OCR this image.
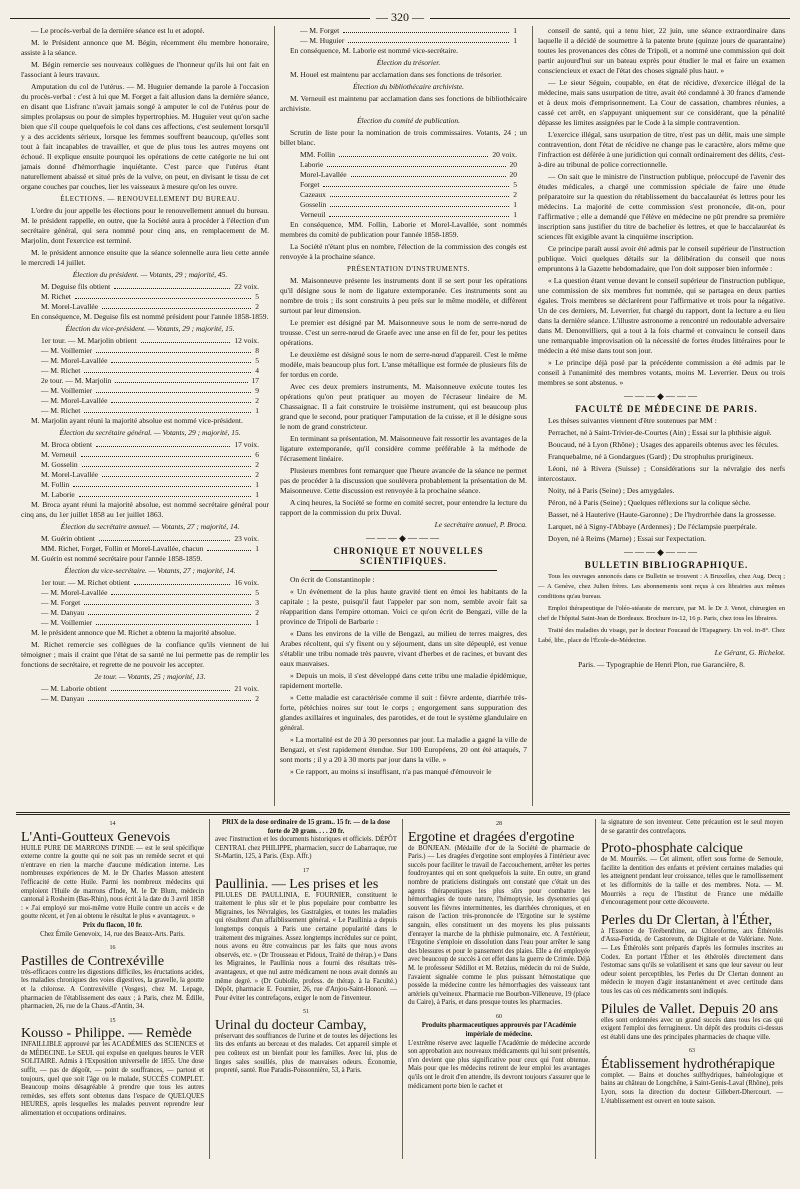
— 320 —

— Le procès-verbal de la dernière séance est lu et adopté.

M. le Président annonce que M. Bégin, récemment élu membre honoraire, assiste à la séance.

M. Bégin remercie ses nouveaux collègues de l'honneur qu'ils lui ont fait en l'associant à leurs travaux.

Amputation du col de l'utérus. — M. Huguier demande la parole à l'occasion du procès-verbal : c'est à lui que M. Forget a fait allusion dans la dernière séance, en disant que Lisfranc n'avait jamais songé à amputer le col de l'utérus pour de simples prolapsus ou pour de simples hypertrophies. M. Huguier veut qu'on sache bien que s'il coupe quelquefois le col dans ces affections, c'est seulement lorsqu'il y a des accidents sérieux, lorsque les femmes souffrent beaucoup, qu'elles sont tout à fait incapables de travailler, et que de plus tous les autres moyens ont échoué. Il explique ensuite pourquoi les opérations de cette catégorie ne lui ont jamais donné d'hémorrhagie inquiétante. C'est parce que l'utérus étant naturellement abaissé et situé près de la vulve, on peut, en divisant le tissu de cet organe couches par couches, lier les vaisseaux à mesure qu'on les ouvre.

ÉLECTIONS. — RENOUVELLEMENT DU BUREAU.

L'ordre du jour appelle les élections pour le renouvellement annuel du bureau. M. le président rappelle, en outre, que la Société aura à procéder à l'élection d'un secrétaire général, qui sera nommé pour cinq ans, en remplacement de M. Marjolin, dont l'exercice est terminé.

M. le président annonce ensuite que la séance solennelle aura lieu cette année le mercredi 14 juillet.

Élection du président. — Votants, 29 ; majorité, 45.

M. Deguise fils obtient	22 voix.
M. Richet	5
M. Morel-Lavallée	2

En conséquence, M. Deguise fils est nommé président pour l'année 1858-1859.

Élection du vice-président. — Votants, 29 ; majorité, 15.

1er tour. — M. Marjolin obtient	12 voix.
— M. Voillemier	8
— M. Morel-Lavallée	5
— M. Richet	4
2e tour. — M. Marjolin	17
— M. Voillemier	9
— M. Morel-Lavallée	2
— M. Richet	1

M. Marjolin ayant réuni la majorité absolue est nommé vice-président.

Élection du secrétaire général. — Votants, 29 ; majorité, 15.

M. Broca obtient	17 voix.
M. Verneuil	6
M. Gosselin	2
M. Morel-Lavallée	2
M. Follin	1
M. Laborie	1

M. Broca ayant réuni la majorité absolue, est nommé secrétaire général pour cinq ans, du 1er juillet 1858 au 1er juillet 1863.

Élection du secrétaire annuel. — Votants, 27 ; majorité, 14.

M. Guérin obtient	23 voix.
MM. Richet, Forget, Follin et Morel-Lavallée, chacun	1

M. Guérin est nommé secrétaire pour l'année 1858-1859.

Élection du vice-secrétaire. — Votants, 27 ; majorité, 14.

1er tour. — M. Richet obtient	16 voix.
— M. Morel-Lavallée	5
— M. Forget	3
— M. Danyau	2
— M. Voillemier	1

M. le président annonce que M. Richet a obtenu la majorité absolue.

M. Richet remercie ses collègues de la confiance qu'ils viennent de lui témoigner ; mais il craint que l'état de sa santé ne lui permette pas de remplir les fonctions de secrétaire, et regrette de ne pouvoir les accepter.

2e tour. — Votants, 25 ; majorité, 13.

— M. Laborie obtient	21 voix.
— M. Danyau	2
— M. Forget	1
— M. Huguier	1

En conséquence, M. Laborie est nommé vice-secrétaire.

Élection du trésorier.

M. Houel est maintenu par acclamation dans ses fonctions de trésorier.

Élection du bibliothécaire archiviste.

M. Verneuil est maintenu par acclamation dans ses fonctions de bibliothécaire archiviste.

Élection du comité de publication.

Scrutin de liste pour la nomination de trois commissaires. Votants, 24 ; un billet blanc.

MM. Follin	20 voix.
Laborie	20
Morel-Lavallée	20
Forget	5
Cazeaux	2
Gosselin	1
Verneuil	1

En conséquence, MM. Follin, Laborie et Morel-Lavallée, sont nommés membres du comité de publication pour l'année 1858-1859.

La Société n'étant plus en nombre, l'élection de la commission des congés est renvoyée à la prochaine séance.

PRÉSENTATION D'INSTRUMENTS.

M. Maisonneuve présente les instruments dont il se sert pour les opérations qu'il désigne sous le nom de ligature extemporanée. Ces instruments sont au nombre de trois ; ils sont construits à peu près sur le même modèle, et diffèrent surtout par leur dimension.

Le premier est désigné par M. Maisonneuve sous le nom de serre-nœud de trousse. C'est un serre-nœud de Graefe avec une anse en fil de fer, pour les petites opérations.

Le deuxième est désigné sous le nom de serre-nœud d'appareil. C'est le même modèle, mais beaucoup plus fort. L'anse métallique est formée de plusieurs fils de fer tordus en corde.

Avec ces deux premiers instruments, M. Maisonneuve exécute toutes les opérations qu'on peut pratiquer au moyen de l'écraseur linéaire de M. Chassaignac. Il a fait construire le troisième instrument, qui est beaucoup plus grand que le second, pour pratiquer l'amputation de la cuisse, et il le désigne sous le nom de grand constricteur.

En terminant sa présentation, M. Maisonneuve fait ressortir les avantages de la ligature extemporanée, qu'il considère comme préférable à la méthode de l'écrasement linéaire.

Plusieurs membres font remarquer que l'heure avancée de la séance ne permet pas de procéder à la discussion que soulèvera probablement la présentation de M. Maisonneuve. Cette discussion est renvoyée à la prochaine séance.

A cinq heures, la Société se forme en comité secret, pour entendre la lecture du rapport de la commission du prix Duval.

Le secrétaire annuel, P. Broca.

———◆———

CHRONIQUE ET NOUVELLES SCIENTIFIQUES.

On écrit de Constantinople :

« Un événement de la plus haute gravité tient en émoi les habitants de la capitale ; la peste, puisqu'il faut l'appeler par son nom, semble avoir fait sa réapparition dans l'empire ottoman. Voici ce qu'on écrit de Bengazi, ville de la province de Tripoli de Barbarie :

« Dans les environs de la ville de Bengazi, au milieu de terres maigres, des Arabes récoltent, qui s'y fixent ou y séjournent, dans un site dépeuplé, est venue s'établir une tribu nomade très pauvre, vivant d'herbes et de racines, et buvant des eaux mauvaises.

» Depuis un mois, il s'est développé dans cette tribu une maladie épidémique, rapidement mortelle.

» Cette maladie est caractérisée comme il suit : fièvre ardente, diarrhée très-forte, pétéchies noires sur tout le corps ; engorgement sans suppuration des glandes axillaires et inguinales, des parotides, et de tout le système glandulaire en général.

» La mortalité est de 20 à 30 personnes par jour. La maladie a gagné la ville de Bengazi, et s'est rapidement étendue. Sur 100 Européens, 20 ont été attaqués, 7 sont morts ; il y a 20 à 30 morts par jour dans la ville. »

» Ce rapport, au moins si insuffisant, n'a pas manqué d'émouvoir le

conseil de santé, qui a tenu hier, 22 juin, une séance extraordinaire dans laquelle il a décidé de soumettre à la patente brute (quinze jours de quarantaine) toutes les provenances des côtes de Tripoli, et a nommé une commission qui doit partir aujourd'hui sur un bateau exprès pour étudier le mal et faire un examen consciencieux et exact de l'état des choses signalé plus haut. »

— Le sieur Séguin, coupable, en état de récidive, d'exercice illégal de la médecine, mais sans usurpation de titre, avait été condamné à 30 francs d'amende et à deux mois d'emprisonnement. La Cour de cassation, chambres réunies, a cassé cet arrêt, en s'appuyant uniquement sur ce considérant, que la pénalité dépasse les limites assignées par le Code à la simple contravention.

L'exercice illégal, sans usurpation de titre, n'est pas un délit, mais une simple contravention, dont l'état de récidive ne change pas le caractère, alors même que l'infraction est déférée à une juridiction qui connaît ordinairement des délits, c'est-à-dire au tribunal de police correctionnelle.

— On sait que le ministre de l'instruction publique, préoccupé de l'avenir des études médicales, a chargé une commission spéciale de faire une étude préparatoire sur la question du rétablissement du baccalauréat ès lettres pour les médecins. La majorité de cette commission s'est prononcée, dit-on, pour l'affirmative ; elle a demandé que l'élève en médecine ne pût prendre sa première inscription sans justifier du titre de bachelier ès lettres, et que le baccalauréat ès sciences fût exigible avant la cinquième inscription.

Ce principe paraît aussi avoir été admis par le conseil supérieur de l'instruction publique. Voici quelques détails sur la délibération du conseil que nous empruntons à la Gazette hebdomadaire, que l'on doit supposer bien informée :

« La question étant venue devant le conseil supérieur de l'instruction publique, une commission de six membres fut nommée, qui se partagea en deux parties égales. Trois membres se déclarèrent pour l'affirmative et trois pour la négative. Un de ces derniers, M. Leverrier, fut chargé du rapport, dont la lecture a eu lieu dans la dernière séance. L'illustre astronome a rencontré un redoutable adversaire dans M. Denonvilliers, qui a tout à la fois charmé et convaincu le conseil dans une remarquable improvisation où la nécessité de fortes études littéraires pour le médecin a été mise dans tout son jour.

» Le principe déjà posé par la précédente commission a été admis par le conseil à l'unanimité des membres votants, moins M. Leverrier. Deux ou trois membres se sont abstenus. »

———◆———

FACULTÉ DE MÉDECINE DE PARIS.

Les thèses suivantes viennent d'être soutenues par MM :

Perrachet, né à Saint-Trivier-de-Courtes (Ain) ; Essai sur la phthisie aiguë.

Boucaud, né à Lyon (Rhône) ; Usages des appareils obtenus avec les fécules.

Franquebalme, né à Gondargues (Gard) ; Du strophulus prurigineux.

Léoni, né à Rivera (Suisse) ; Considérations sur la névralgie des nerfs intercostaux.

Noity, né à Paris (Seine) ; Des amygdales.

Péron, né à Paris (Seine) ; Quelques réflexions sur la colique sèche.

Basset, né à Hauterive (Haute-Garonne) ; De l'hydrorrhée dans la grossesse.

Larquet, né à Signy-l'Abbaye (Ardennes) ; De l'éclampsie puerpérale.

Doyen, né à Reims (Marne) ; Essai sur l'expectation.

———◆———

BULLETIN BIBLIOGRAPHIQUE.

Tous les ouvrages annoncés dans ce Bulletin se trouvent : A Bruxelles, chez Aug. Decq ; — A Genève, chez Julien frères. Les abonnements sont reçus à ces librairies aux mêmes conditions qu'au bureau.

Emploi thérapeutique de l'oléo-stéarate de mercure, par M. le Dr J. Venot, chirurgien en chef de l'hôpital Saint-Jean de Bordeaux. Brochure in-12, 16 p. Paris, chez tous les libraires.

Traité des maladies du visage, par le docteur Foucaud de l'Espagnery. Un vol. in-8°. Chez Labé, libr., place de l'École-de-Médecine.

Le Gérant, G. Richelot.

Paris. — Typographie de Henri Plon, rue Garancière, 8.

14
L'Anti-Goutteux Genevois
HUILE PURE DE MARRONS D'INDE — est le seul spécifique externe contre la goutte qui ne soit pas un remède secret et qui n'entrave en rien la marche d'aucune médication interne. Les nombreuses expériences de M. le Dr Charles Masson attestent l'efficacité de cette Huile. Parmi les nombreux médecins qui emploient l'Huile de marrons d'Inde, M. le Dr Blum, médecin cantonal à Rosheim (Bas-Rhin), nous écrit à la date du 3 avril 1858 : « J'ai employé sur moi-même votre Huile contre un accès « de goutte récent, et j'en ai obtenu le résultat le plus « avantageux. »
Prix du flacon, 10 fr.
Chez Émile Genevoix, 14, rue des Beaux-Arts. Paris.
16
Pastilles de Contrexéville
très-efficaces contre les digestions difficiles, les éructations acides, les maladies chroniques des voies digestives, la gravelle, la goutte et la chlorose. A Contrexéville (Vosges), chez M. Lepage, pharmacien de l'établissement des eaux ; à Paris, chez M. Ëdille, pharmacien, 26, rue de la Chaus.-d'Antin, 34.
15
Kousso - Philippe. — Remède
INFAILLIBLE approuvé par les ACADÉMIES des SCIENCES et de MÉDECINE. Le SEUL qui expulse en quelques heures le VER SOLITAIRE. Admis à l'Exposition universelle de 1855. Une dose suffit, — pas de dégoût, — point de souffrances, — partout et toujours, quel que soit l'âge ou le malade, SUCCÈS COMPLET. Beaucoup moins désagréable à prendre que tous les autres remèdes, ses effets sont obtenus dans l'espace de QUELQUES HEURES, après lesquelles les malades peuvent reprendre leur alimentation et occupations ordinaires.
PRIX de la dose ordinaire de 15 gram.. 15 fr. — de la dose forte de 20 gram. . . . 20 fr.
avec l'instruction et les documents historiques et officiels. DÉPÔT CENTRAL chez PHILIPPE, pharmacien, succr de Labarraque, rue St-Martin, 125, à Paris. (Exp. Affr.)
17
Paullinia. — Les prises et les
PILULES DE PAULLINIA, E. FOURNIER, constituent le traitement le plus sûr et le plus populaire pour combattre les Migraines, les Névralgies, les Gastralgies, et toutes les maladies qui résultent d'un affaiblissement général. « Le Paullinia a depuis longtemps conquis à Paris une certaine popularité dans le traitement des migraines. Assez longtemps incrédules sur ce point, nous avons eu être convaincus par les faits que nous avons observés, etc. » (Dr Trousseau et Pidoux, Traité de thérap.) « Dans les Migraines, le Paullinia nous a fourni des résultats très-avantageux, et que nul autre médicament ne nous avait donnés au même degré. » (Dr Gubiolle, profess. de thérap. à la Faculté.) Dépôt, pharmacie E. Fournier, 26, rue d'Anjou-Saint-Honoré. — Pour éviter les contrefaçons, exiger le nom de l'inventeur.
51
Urinal du docteur Cambay,
préservant des souffrances de l'urine et de toutes les déjections les lits des enfants au berceau et des malades. Cet appareil simple et peu coûteux est un bienfait pour les familles. Avec lui, plus de linges sales souillés, plus de mauvaises odeurs. Économie, propreté, santé. Rue Paradis-Poissonnière, 53, à Paris.
28
Ergotine et dragées d'ergotine
de BONJEAN. (Médaille d'or de la Société de pharmacie de Paris.) — Les dragées d'ergotine sont employées à l'intérieur avec succès pour faciliter le travail de l'accouchement, arrêter les pertes foudroyantes qui en sont quelquefois la suite. En outre, un grand nombre de praticiens distingués ont constaté que c'était un des agents thérapeutiques les plus sûrs pour combattre les hémorrhagies de toute nature, l'hémoptysie, les dysenteries qui souvent les fièvres intermittentes, les diarrhées chroniques, et en raison de l'action très-prononcée de l'Ergotine sur le système sanguin, elles constituent un des moyens les plus puissants d'enrayer la marche de la phthisie pulmonaire, etc. A l'extérieur, l'Ergotine s'emploie en dissolution dans l'eau pour arrêter le sang des blessures et pour le pansement des plaies. Elle a été employée avec beaucoup de succès à cet effet dans la guerre de Crimée. Déjà M. le professeur Sédillot et M. Retzius, médecin du roi de Suède, l'avaient signalée comme le plus puissant hémostatique que possède la médecine contre les hémorrhagies des vaisseaux tant artériels qu'veineux. Pharmacie rue Bourbon-Villeneuve, 19 (place du Caire), à Paris, et dans presque toutes les pharmacies.
60
Produits pharmaceutiques approuvés par l'Académie impériale de médecine.
L'extrême réserve avec laquelle l'Académie de médecine accorde son approbation aux nouveaux médicaments qui lui sont présentés, n'en devient que plus significative pour ceux qui l'ont obtenue. Mais pour que les médecins retirent de leur emploi les avantages qu'ils ont le droit d'en attendre, ils devront toujours s'assurer que le médicament porte bien le cachet et
la signature de son inventeur. Cette précaution est le seul moyen de se garantir des contrefaçons.
Proto-phosphate calcique
de M. Mourriès. — Cet aliment, offert sous forme de Semoule, facilite la dentition des enfants et prévient certaines maladies qui les atteignent pendant leur croissance, telles que le ramollissement et les difformités de la taille et des membres. Nota. — M. Mourriès a reçu de l'Institut de France une médaille d'encouragement pour cette découverte.
Perles du Dr Clertan, à l'Éther,
à l'Essence de Térébenthine, au Chloroforme, aux Éthérolés d'Assa-Fœtida, de Castoreum, de Digitale et de Valériane. Note. — Les Éthérolés sont préparés d'après les formules inscrites au Codex. En portant l'Éther et les éthérolés directement dans l'estomac sans qu'ils se volatilisent et sans que leur saveur ou leur odeur soient perceptibles, les Perles du Dr Clertan donnent au médecin le moyen d'agir instantanément et avec certitude dans tous les cas où ces médicaments sont indiqués.
Pilules de Vallet. Depuis 20 ans
elles sont ordonnées avec un grand succès dans tous les cas qui exigent l'emploi des ferrugineux. Un dépôt des produits ci-dessus est établi dans une des principales pharmacies de chaque ville.
63
Établissement hydrothérapique
complet. — Bains et douches sulfhydriques, balnéologique et bains au château de Longchêne, à Saint-Genis-Laval (Rhône), près Lyon, sous la direction du docteur Gillebert-Dhercourt. — L'établissement est ouvert en toute saison.
